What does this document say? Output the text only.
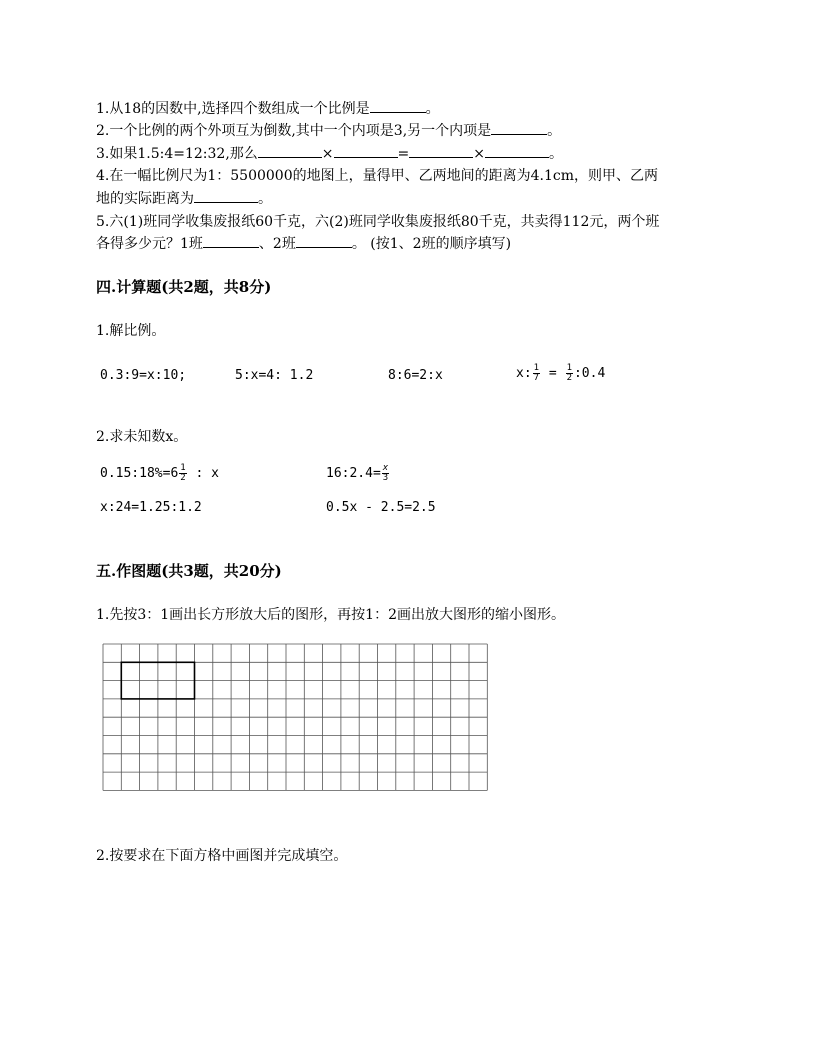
1.从18的因数中,选择四个数组成一个比例是	。
2.一个比例的两个外项互为倒数,其中一个内项是3,另一个内项是	。
3.如果1.5:4=12:32,那么	×	=	×	。
4.在一幅比例尺为1：5500000的地图上，量得甲、乙两地间的距离为4.1cm，则甲、乙两
地的实际距离为	。
5.六(1)班同学收集废报纸60千克，六(2)班同学收集废报纸80千克，共卖得112元，两个班
各得多少元？1班	、2班	。 (按1、2班的顺序填写)
四.计算题(共2题，共8分)
1.解比例。
0.3:9=x:10;	5:x=4: 1.2	8:6=2:x	x: $\frac{1}{7} = \frac{1}{2}$ :0.4
2.求未知数x。
0.15:18%=6 $\frac{1}{2}$ : x	16:2.4= $\frac{x}{3}$
x:24=1.25:1.2	0.5x - 2.5=2.5
五.作图题(共3题，共20分)
1.先按3：1画出长方形放大后的图形，再按1：2画出放大图形的缩小图形。
2.按要求在下面方格中画图并完成填空。
